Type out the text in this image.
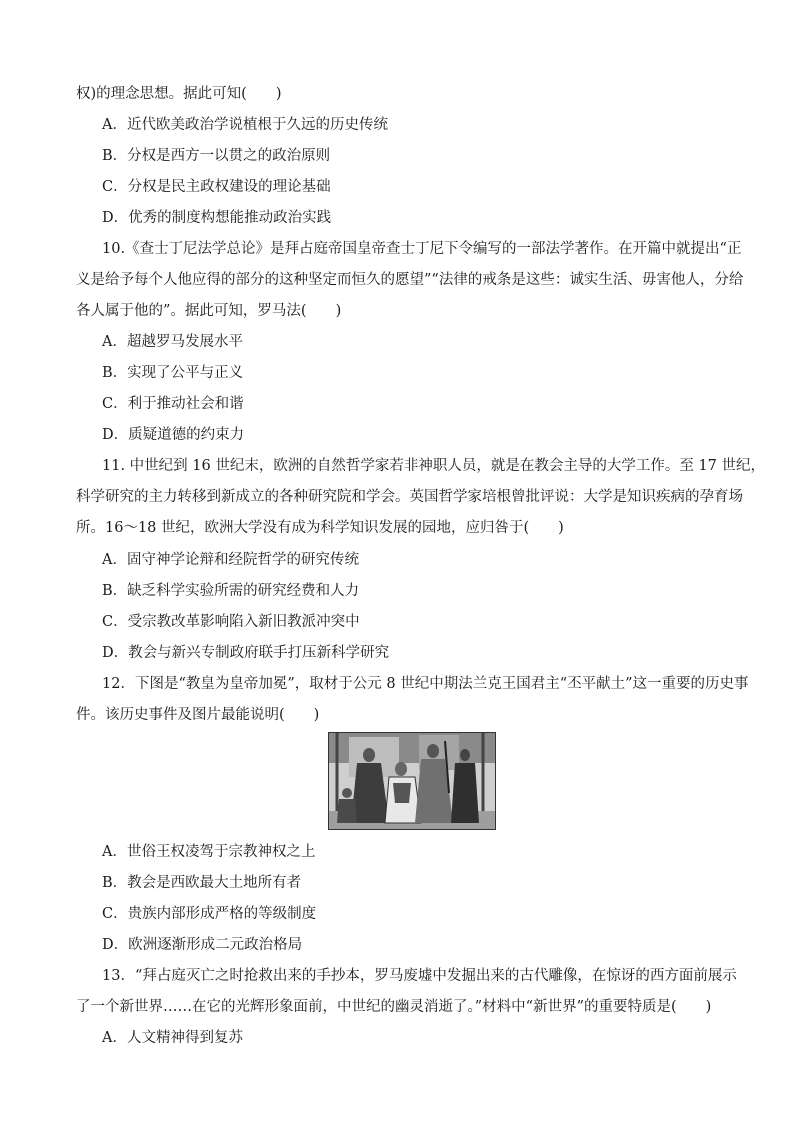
权)的理念思想。据此可知(　　)
A．近代欧美政治学说植根于久远的历史传统
B．分权是西方一以贯之的政治原则
C．分权是民主政权建设的理论基础
D．优秀的制度构想能推动政治实践
10.《查士丁尼法学总论》是拜占庭帝国皇帝查士丁尼下令编写的一部法学著作。在开篇中就提出“正
义是给予每个人他应得的部分的这种坚定而恒久的愿望”“法律的戒条是这些：诚实生活、毋害他人，分给
各人属于他的”。据此可知，罗马法(　　)
A．超越罗马发展水平
B．实现了公平与正义
C．利于推动社会和谐
D．质疑道德的约束力
11. 中世纪到 16 世纪末，欧洲的自然哲学家若非神职人员，就是在教会主导的大学工作。至 17 世纪，
科学研究的主力转移到新成立的各种研究院和学会。英国哲学家培根曾批评说：大学是知识疾病的孕育场
所。16～18 世纪，欧洲大学没有成为科学知识发展的园地，应归咎于(　　)
A．固守神学论辩和经院哲学的研究传统
B．缺乏科学实验所需的研究经费和人力
C．受宗教改革影响陷入新旧教派冲突中
D．教会与新兴专制政府联手打压新科学研究
12．下图是“教皇为皇帝加冕”，取材于公元 8 世纪中期法兰克王国君主“丕平献土”这一重要的历史事
件。该历史事件及图片最能说明(　　)
A．世俗王权凌驾于宗教神权之上
B．教会是西欧最大土地所有者
C．贵族内部形成严格的等级制度
D．欧洲逐渐形成二元政治格局
13．“拜占庭灭亡之时抢救出来的手抄本，罗马废墟中发掘出来的古代雕像，在惊讶的西方面前展示
了一个新世界……在它的光辉形象面前，中世纪的幽灵消逝了。”材料中“新世界”的重要特质是(　　)
A．人文精神得到复苏
